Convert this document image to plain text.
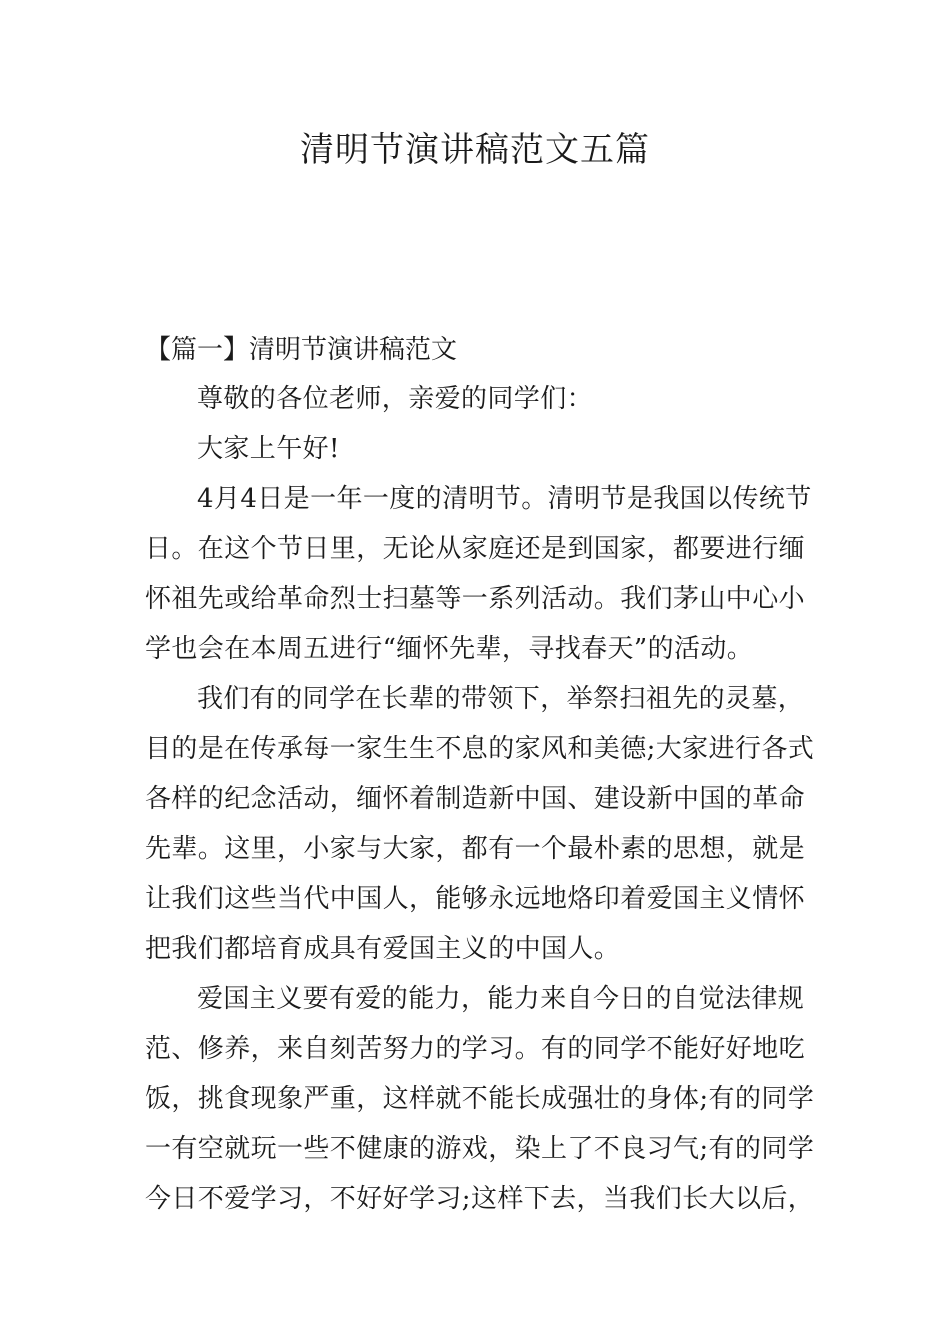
清明节演讲稿范文五篇
【篇一】清明节演讲稿范文
尊敬的各位老师，亲爱的同学们：
大家上午好!
4月4日是一年一度的清明节。清明节是我国以传统节
日。在这个节日里，无论从家庭还是到国家，都要进行缅
怀祖先或给革命烈士扫墓等一系列活动。我们茅山中心小
学也会在本周五进行“缅怀先辈，寻找春天”的活动。
我们有的同学在长辈的带领下，举祭扫祖先的灵墓，
目的是在传承每一家生生不息的家风和美德;大家进行各式
各样的纪念活动，缅怀着制造新中国、建设新中国的革命
先辈。这里，小家与大家，都有一个最朴素的思想，就是
让我们这些当代中国人，能够永远地烙印着爱国主义情怀
把我们都培育成具有爱国主义的中国人。
爱国主义要有爱的能力，能力来自今日的自觉法律规
范、修养，来自刻苦努力的学习。有的同学不能好好地吃
饭，挑食现象严重，这样就不能长成强壮的身体;有的同学
一有空就玩一些不健康的游戏，染上了不良习气;有的同学
今日不爱学习，不好好学习;这样下去，当我们长大以后，
